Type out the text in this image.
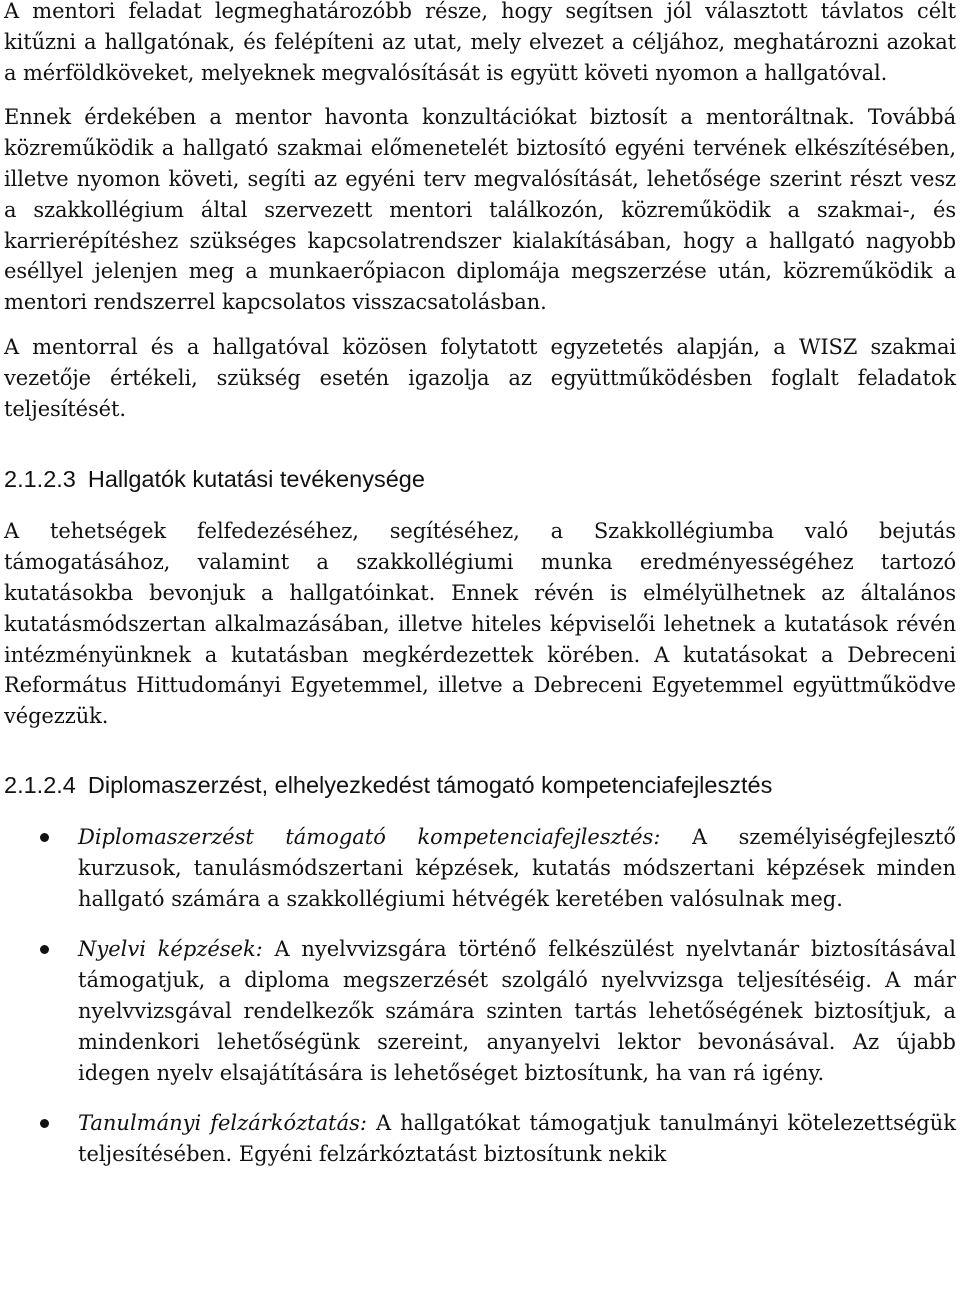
A mentori feladat legmeghatározóbb része, hogy segítsen jól választott távlatos célt kitűzni a hallgatónak, és felépíteni az utat, mely elvezet a céljához, meghatározni azokat a mérföldköveket, melyeknek megvalósítását is együtt követi nyomon a hallgatóval.

Ennek érdekében a mentor havonta konzultációkat biztosít a mentoráltnak. Továbbá közreműködik a hallgató szakmai előmenetelét biztosító egyéni tervének elkészítésében, illetve nyomon követi, segíti az egyéni terv megvalósítását, lehetősége szerint részt vesz a szakkollégium által szervezett mentori találkozón, közreműködik a szakmai-, és karrierépítéshez szükséges kapcsolatrendszer kialakításában, hogy a hallgató nagyobb eséllyel jelenjen meg a munkaerőpiacon diplomája megszerzése után, közreműködik a mentori rendszerrel kapcsolatos visszacsatolásban.

A mentorral és a hallgatóval közösen folytatott egyzetetés alapján, a WISZ szakmai vezetője értékeli, szükség esetén igazolja az együttműködésben foglalt feladatok teljesítését.

2.1.2.3 Hallgatók kutatási tevékenysége

A tehetségek felfedezéséhez, segítéséhez, a Szakkollégiumba való bejutás támogatásához, valamint a szakkollégiumi munka eredményességéhez tartozó kutatásokba bevonjuk a hallgatóinkat. Ennek révén is elmélyülhetnek az általános kutatásmódszertan alkalmazásában, illetve hiteles képviselői lehetnek a kutatások révén intézményünknek a kutatásban megkérdezettek körében. A kutatásokat a Debreceni Református Hittudományi Egyetemmel, illetve a Debreceni Egyetemmel együttműködve végezzük.

2.1.2.4 Diplomaszerzést, elhelyezkedést támogató kompetenciafejlesztés
Diplomaszerzést támogató kompetenciafejlesztés: A személyiségfejlesztő kurzusok, tanulásmódszertani képzések, kutatás módszertani képzések minden hallgató számára a szakkollégiumi hétvégék keretében valósulnak meg.
Nyelvi képzések: A nyelvvizsgára történő felkészülést nyelvtanár biztosításával támogatjuk, a diploma megszerzését szolgáló nyelvvizsga teljesítéséig. A már nyelvvizsgával rendelkezők számára szinten tartás lehetőségének biztosítjuk, a mindenkori lehetőségünk szereint, anyanyelvi lektor bevonásával. Az újabb idegen nyelv elsajátítására is lehetőséget biztosítunk, ha van rá igény.
Tanulmányi felzárkóztatás: A hallgatókat támogatjuk tanulmányi kötelezettségük teljesítésében. Egyéni felzárkóztatást biztosítunk nekik
